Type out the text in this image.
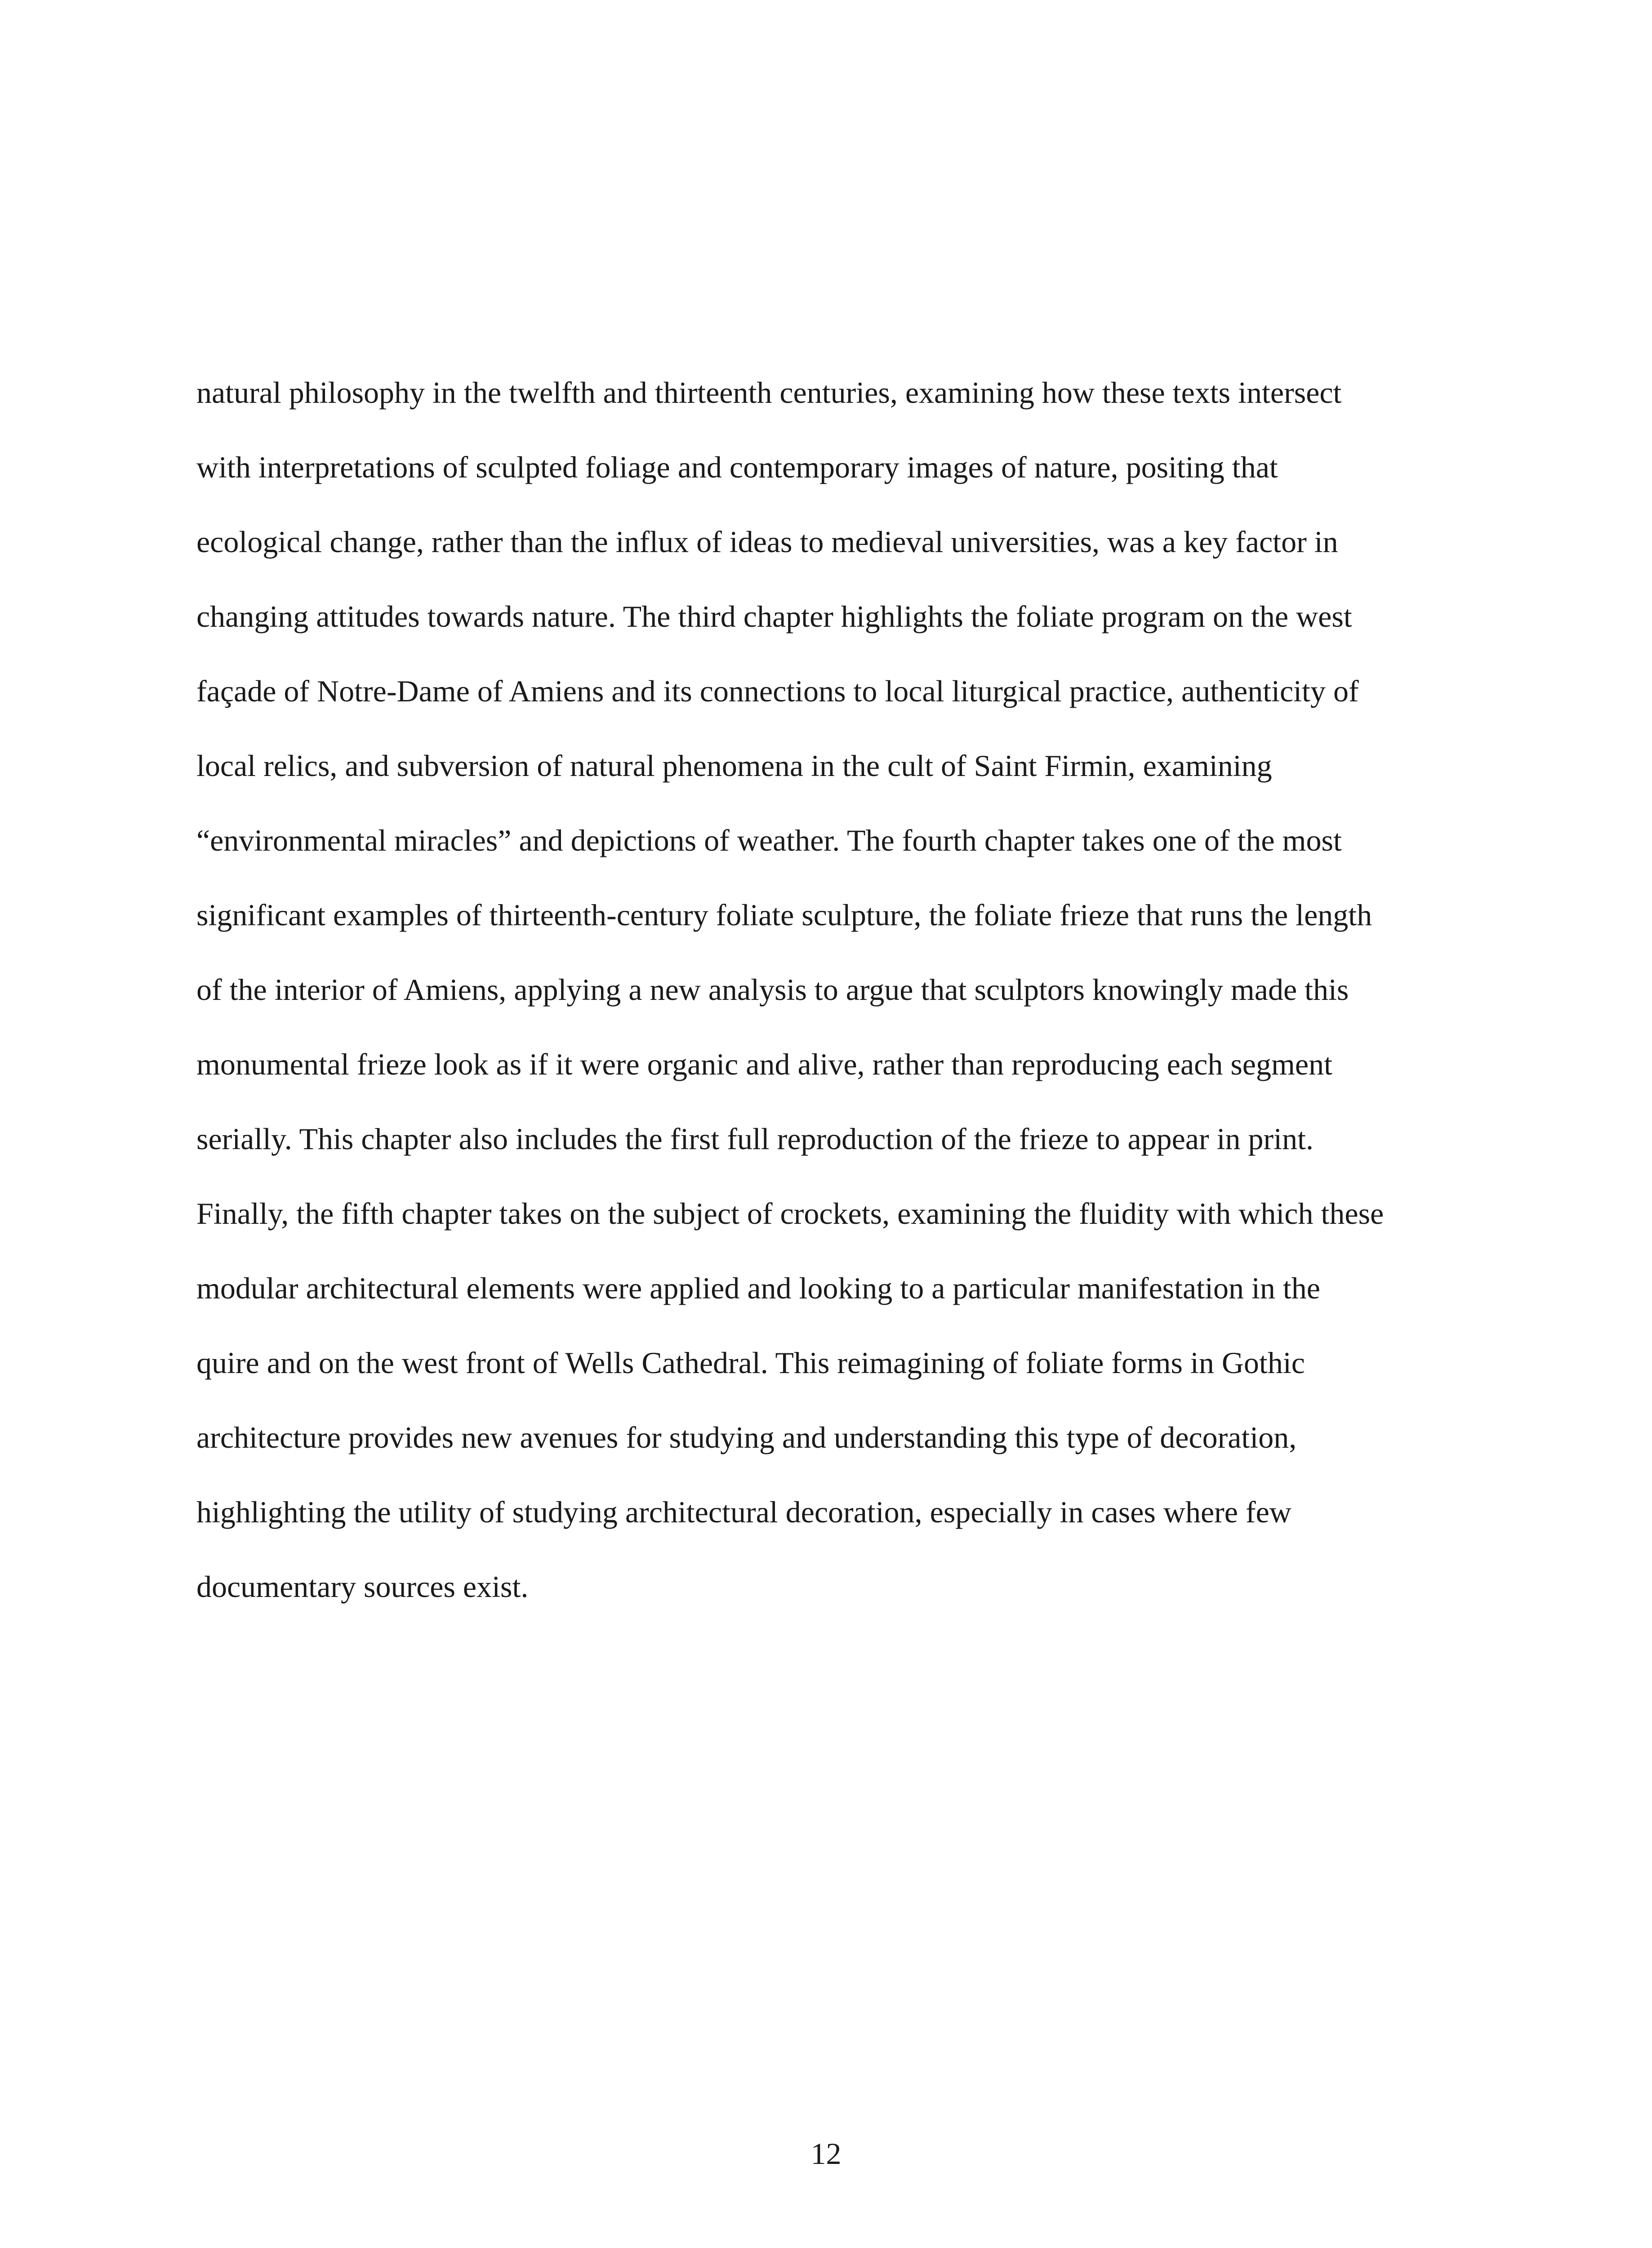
natural philosophy in the twelfth and thirteenth centuries, examining how these texts intersect
with interpretations of sculpted foliage and contemporary images of nature, positing that
ecological change, rather than the influx of ideas to medieval universities, was a key factor in
changing attitudes towards nature. The third chapter highlights the foliate program on the west
façade of Notre-Dame of Amiens and its connections to local liturgical practice, authenticity of
local relics, and subversion of natural phenomena in the cult of Saint Firmin, examining
“environmental miracles” and depictions of weather. The fourth chapter takes one of the most
significant examples of thirteenth-century foliate sculpture, the foliate frieze that runs the length
of the interior of Amiens, applying a new analysis to argue that sculptors knowingly made this
monumental frieze look as if it were organic and alive, rather than reproducing each segment
serially. This chapter also includes the first full reproduction of the frieze to appear in print.
Finally, the fifth chapter takes on the subject of crockets, examining the fluidity with which these
modular architectural elements were applied and looking to a particular manifestation in the
quire and on the west front of Wells Cathedral. This reimagining of foliate forms in Gothic
architecture provides new avenues for studying and understanding this type of decoration,
highlighting the utility of studying architectural decoration, especially in cases where few
documentary sources exist.
12
